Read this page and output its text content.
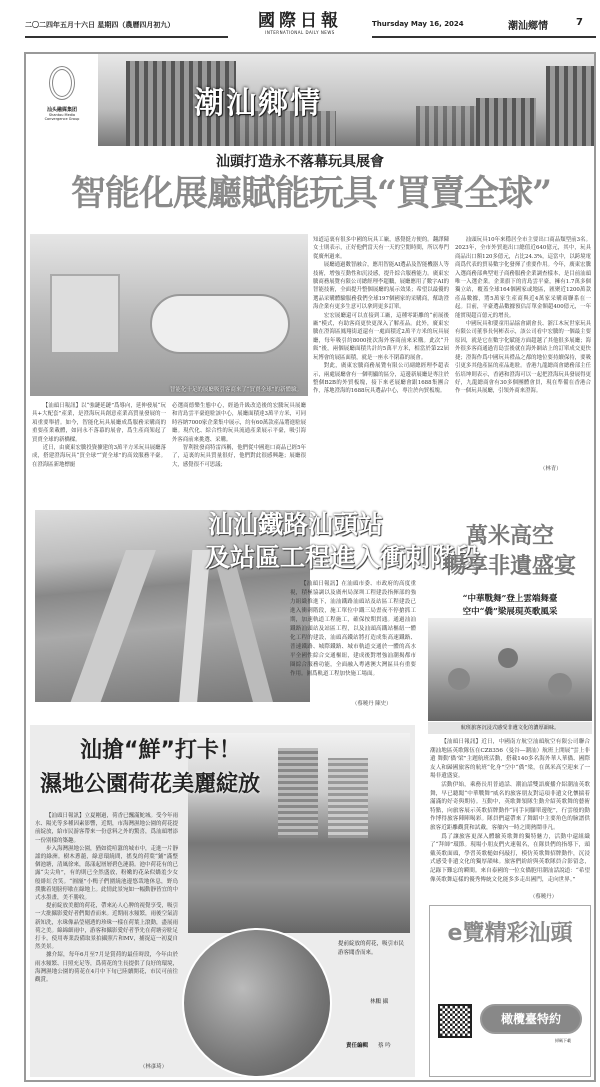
二〇二四年五月十六日 星期四（農曆四月初九）	國際日報
INTERNATIONAL DAILY NEWS
Thursday May 16, 2024	潮汕鄉情	7
汕头融媒集团
Shantou Media
Convergence Group	潮汕鄉情
汕頭打造永不落幕玩具展會
智能化展廳賦能玩具“買賣全球”
智能化十足的展廳吸引客商來了“買賣全球”的新體驗。

【汕頭日報訊】以“強鏈延鏈”爲導向，延伸發展“玩具+大配套”產業，是澄海玩具創意產業高質量發展的一項重要舉措。如今，智能化玩具展廳成爲服務采購商的重要產業載體，如同永不落幕的展會，爲生產商架起了買賣全球的新橋樑。

近日，由廣東宏騰投資擴建的3萬平方米玩具展廳落成，搭建澄海玩具“買全球”“賣全球”的高效服務平臺。在澄海區新地標寵

必選商德樂生態中心，經過升級改造後的宏騰玩具展廳和宵島雲平臺進駐該中心，展廳面積達3萬平方米，可同時容納7000家企業集中展示，約有60萬款產品將進駐展廳。現代化、綜合性的玩具流通產業展示平臺，吸引海外客商前來挑選、采購。

智利批發商特雷西稱，他們從中國進口商品已經5年了，這裏的玩具質量很好，他們對此很感興趣；展廳很大，感覺很不可思議；

知道這裏有很多中國的玩具工廠，感覺挺方便的。翻譯陳女士則表示，正好他們當天有一天的空閒時間，所以專門從廣州過來。

展廳通過數智融合，應用智能AI選品及智能機器人等技術，增強互動性和沉浸感，提升綜合服務能力。廣東宏騰商務展覽有限公司總經理李超鵬，展廳應用了數字AI的智能技術，全面提升整個展廳的展示效果；希望以最優的選品采購體驗服務我們全球197個國家的采購商，幫助澄海企業有更多生意可以拿到更多訂單。

宏宏展廳還可以直接到工廠，這種零距離的“前展後廠”模式，有助客商更快更深入了解產品。此外，廣東宏騰在澄海區鳳翔街道還有一處面積近2萬平方米的玩具展廳，每年吸引約8000批次海外客商前來采購。此次“升級”後，兩個展廳面積共計約5萬平方米，相當於第22屆玩博會的展區面積，就是一座永不閉幕的展會。

對此，廣東宏騰商務展覽有限公司副總經理李超表示，兩處展廳會有一個明顯的區分，這邊新展廳是專注於整個B2B的外貿板塊，接下來老展廳會跟1688集團合作，落地澄海的1688玩具選品中心，專注於內貿板塊。

汕頭玩具10年來穩居全市主要出口商品類型前3名。2023年，全市外貿進出口總值近640億元，其中，玩具商品出口額120多億元，占比24.3%，這當中，以跨境電商爲代表的貿易數字化發揮了重要作用。今年，廣東宏騰入選商務部典型電子商務服務企業調查樣本，是目前汕頭唯一入選企業。企業旗下的宵島雲平臺，擁有1.7萬多個獨立站，覆蓋全球164個國家或地區，匯聚近1200萬款產品數據，將5萬家生產商與近4萬家采購商聯系在一起。目前，平臺選品數據預估訂單金額超400億元，一年能實現超百億元的增長。

中國玩具和嬰童用品協會副會長、浙江木玩世家玩具有限公司董事長何彬表示，該公司看中宏騰的一個最主要原因，就是它在數字化賦能方面超越了其他很多展廳；海外很多客商通過宵島雲後就在海外網站上的訂單成交更快捷；澄海作爲中國玩具禮品之都的地位要持續保持，要吸引更多其他產區的產品進駐。香港九龍總商會總務部主任伍培坤則表示，香港和澄海可以一起把澄海玩具發展得更好，九龍總商會有30多個團體會員，現在準備在香港合作一個玩具展廳，引領外商來澄海。

（林青）
汕汕鐵路汕頭站
及站區工程進入衝刺階段

【汕頭日報訊】在汕頭市委、市政府的高度重視，積極協調以及廣州局深圳工程建設指揮部的強力組織推進下，汕汕鐵路汕頭站及站區工程建設已進入衝刺階段，施工單位中鐵三局晝夜不停搶抓工期，加速軌道工程施工，確保按期貫通。通過汕汕鐵路汕頭站及站區工程，以及汕頭高鐵站樞紐一體化工程的建設，汕頭高鐵站將打造成集高速鐵路、普速鐵路、城際鐵路、城市軌道交通於一體的高水平全國性綜合交通樞紐，建成後對增強汕潮揭都市圈綜合服務功能，全面融入粵港澳大灣區具有重要作用。圖爲軌道工程加快施工場面。

（蔡曉丹 陳史）
萬米高空
暢享非遺盛宴
“中華戰舞”登上雲端舞臺
空中“僑”梁展現英歌風采
航班旅客沉浸式感受非遺文化的濃厚韻味。

【汕頭日報訊】近日，中國南方航空汕頭航空有限公司聯合潮汕地區英歌隊伍在CZ8356（曼谷—潮汕）航班上開展“雲上非遺 舞動‘僑’梁”主題航班活動，搭載140多名海外華人華僑、國際友人和歸國旅客的航班“化身”空中“僑”梁，在萬米高空迎來了一場非遺盛宴。

活動伊始，乘務長用普通話、潮汕話雙語廣播介紹潮汕英歌舞，早已聽聞“中華戰舞”威名的旅客朋友對這項非遺文化懷揣着滿滿的好奇與期待。互動中，英歌舞領隊生動介紹英歌舞的藝術特點，向旅客展示英歌招牌動作“同手同腳單邊舵”，行雲般的動作博得旅客陣陣喝彩。隊員們還帶來了舞蹈中主要角色的臉譜供旅客近距離觀賞和試戴，客艙內一時之間熱鬧非凡。

爲了讓旅客更深入體驗英歌舞的獨特魅力，活動中還組織了“拜師”環節。現場小朋友們火速報名，在隊員們的指導下，頭戴英歌面頭，學習英歌槌如何敲打，模仿英歌舞招牌動作，沉浸式感受非遺文化的獨厚韻味。旅客們紛紛與英歌隊員合影留念，記錄下難忘的瞬間。來自泰國的一位女僑胞用潮汕話說道：“希望像英歌舞這樣的優秀傳統文化能多多走出國門，走向世界。”

（蔡曉丹）
e覽精彩汕頭
橄欖臺特約
掃碼下載
汕搶“鮮”打卡！
濕地公園荷花美麗綻放

【汕頭日報訊】立夏剛過，荷香已飄滿鮀城。受今年雨水、陽光等多種因素影響，近期，市海灣濕地公園的荷花提前綻放，給市民游客帶來一份意料之外的驚喜，爲汕頭增添一份別樣的築趣。

步入海灣濕地公園，猶如從喧囂的城市中，走進一片靜謐的綠洲。樹木蔥蘢，綠意環繞間，搖曳的荷葉“鋪”滿整個池塘，清風徐來，蕩漾起層層碧色漣漪。池中荷花有的已露“尖尖角”，有的則已全然盛放，粉嫩的花朵似嬌羞少女般緋紅含笑。“圓寵”小鴨子們圍繞池邊悠哉地休息，野鳥撲騰着翅膀停歇在綠地上。此情此景宛如一幅動靜皆宜的中式水墨畫，美不勝收。

提前綻放美麗的荷花，帶來沁人心脾的視覺享受，吸引一大批攝影愛好者們聞香而來。近期雨水頻繁，雨後空氣清新知洗，水珠像晶瑩剔透的珍珠一樣在荷葉上滾動，盡展雨荷之美。綿綿細雨中，游客和攝影愛好者爭先在荷塘旁駐足打卡，使用專業設備取景拍攝照片和MV，捕捉這一初夏自然美景。

據介紹，每年6月至7月是賞荷的最佳時段，今年由於雨水頻繁、日照充足等，爲荷花的生長提供了良好的環境，海灣濕地公園的荷花在4月中下旬已陸續開花，市民可前往觀賞。

（林彥琦）
提前綻放的荷花，吸引市民游客聞香而來。
林鵬 攝
責任編輯 蔡 吟
